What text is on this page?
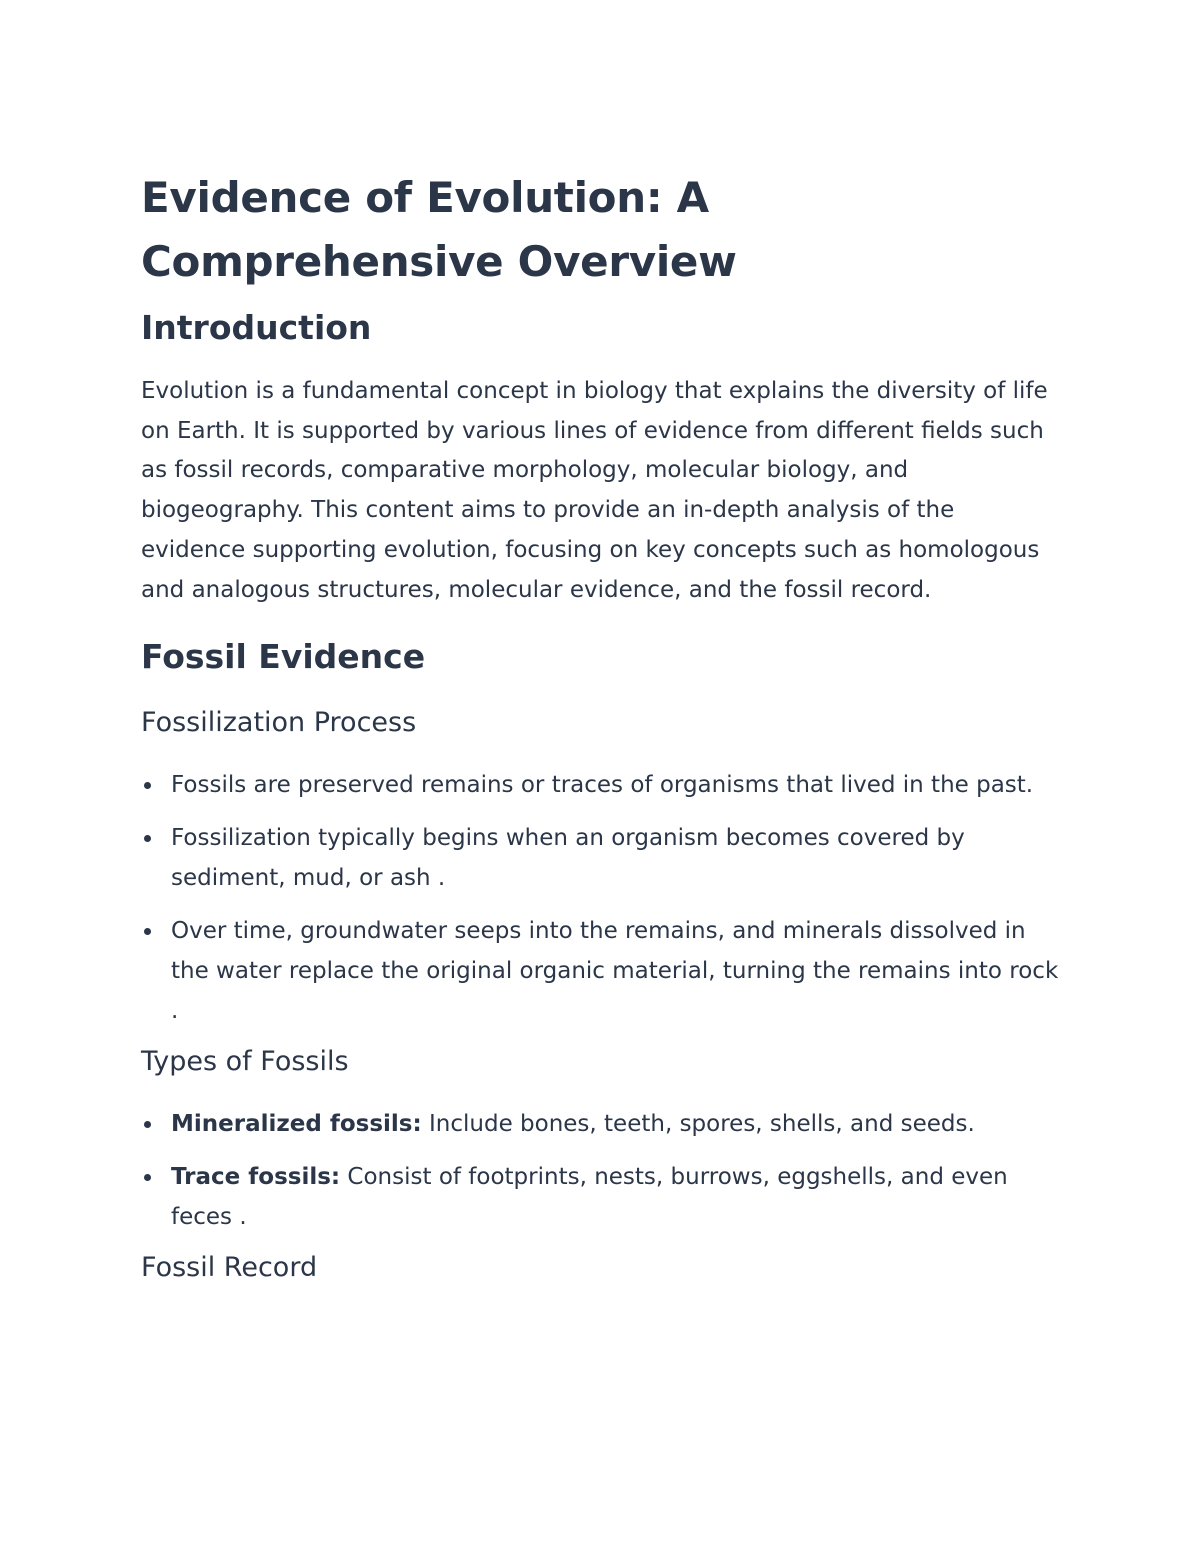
Evidence of Evolution: A Comprehensive Overview
Introduction

Evolution is a fundamental concept in biology that explains the diversity of life on Earth. It is supported by various lines of evidence from different fields such as fossil records, comparative morphology, molecular biology, and biogeography. This content aims to provide an in-depth analysis of the evidence supporting evolution, focusing on key concepts such as homologous and analogous structures, molecular evidence, and the fossil record.

Fossil Evidence
Fossilization Process
Fossils are preserved remains or traces of organisms that lived in the past.
Fossilization typically begins when an organism becomes covered by sediment, mud, or ash .
Over time, groundwater seeps into the remains, and minerals dissolved in the water replace the original organic material, turning the remains into rock .
Types of Fossils
Mineralized fossils: Include bones, teeth, spores, shells, and seeds.
Trace fossils: Consist of footprints, nests, burrows, eggshells, and even feces .
Fossil Record
